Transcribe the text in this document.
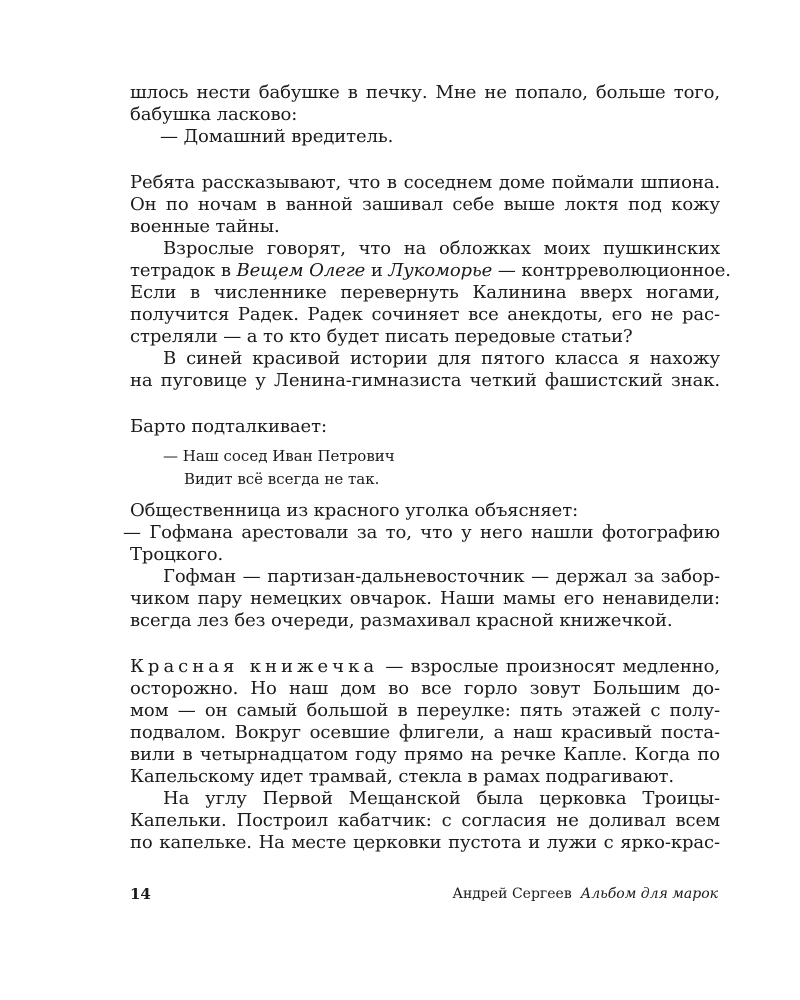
шлось нести бабушке в печку. Мне не попало, больше того,
бабушка ласково:
— Домашний вредитель.
Ребята рассказывают, что в соседнем доме поймали шпиона.
Он по ночам в ванной зашивал себе выше локтя под кожу
военные тайны.
Взрослые говорят, что на обложках моих пушкинских
тетрадок в Вещем Олеге и Лукоморье — контрреволюционное.
Если в численнике перевернуть Калинина вверх ногами,
получится Радек. Радек сочиняет все анекдоты, его не рас-
стреляли — а то кто будет писать передовые статьи?
В синей красивой истории для пятого класса я нахожу
на пуговице у Ленина-гимназиста четкий фашистский знак.
Барто подталкивает:
— Наш сосед Иван Петрович
Видит всё всегда не так.
Общественница из красного уголка объясняет:
— Гофмана арестовали за то, что у него нашли фотографию
Троцкого.
Гофман — партизан-дальневосточник — держал за забор-
чиком пару немецких овчарок. Наши мамы его ненавидели:
всегда лез без очереди, размахивал красной книжечкой.
Красная книжечка — взрослые произносят медленно,
осторожно. Но наш дом во все горло зовут Большим до-
мом — он самый большой в переулке: пять этажей с полу-
подвалом. Вокруг осевшие флигели, а наш красивый поста-
вили в четырнадцатом году прямо на речке Капле. Когда по
Капельскому идет трамвай, стекла в рамах подрагивают.
На углу Первой Мещанской была церковка Троицы-
Капельки. Построил кабатчик: с согласия не доливал всем
по капельке. На месте церковки пустота и лужи с ярко-крас-
14	Андрей Сергеев Альбом для марок
